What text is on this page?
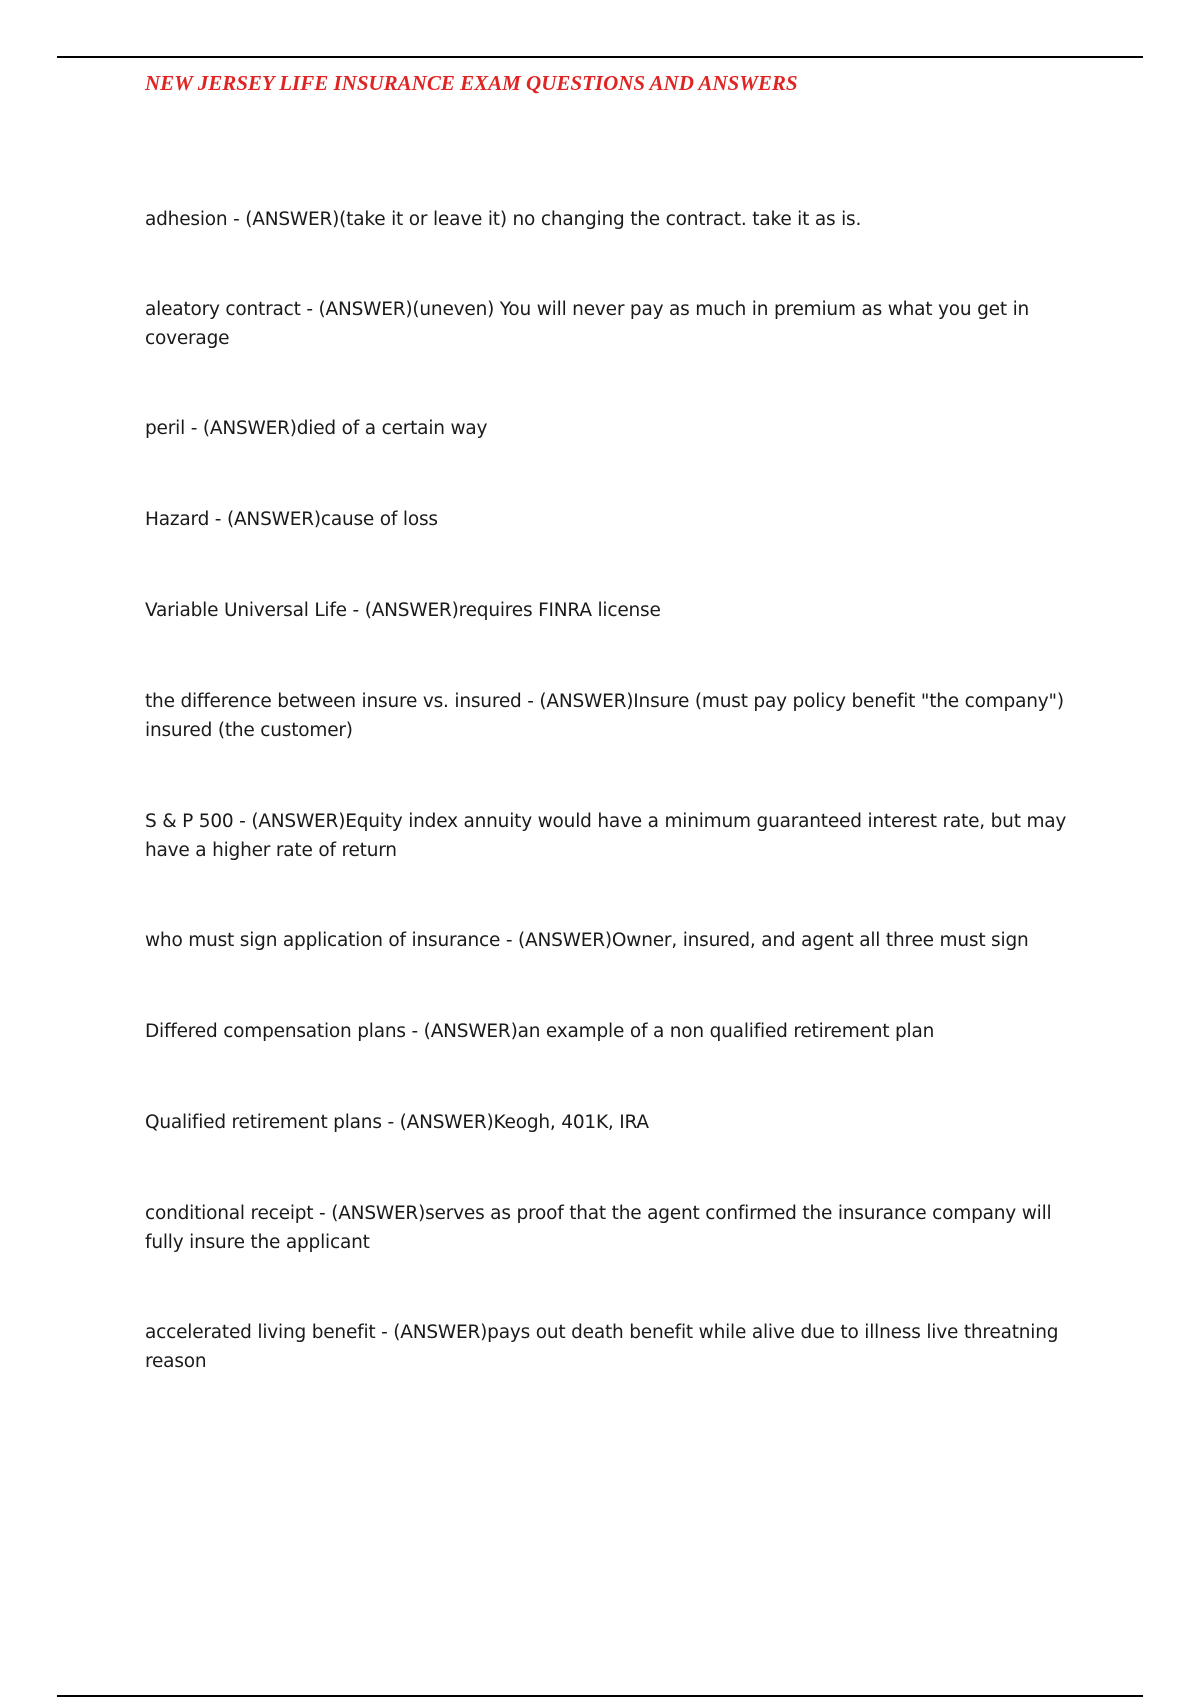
NEW JERSEY LIFE INSURANCE EXAM QUESTIONS AND ANSWERS
adhesion - (ANSWER)(take it or leave it) no changing the contract. take it as is.
aleatory contract - (ANSWER)(uneven) You will never pay as much in premium as what you get in coverage
peril - (ANSWER)died of a certain way
Hazard - (ANSWER)cause of loss
Variable Universal Life - (ANSWER)requires FINRA license
the difference between insure vs. insured - (ANSWER)Insure (must pay policy benefit "the company") insured (the customer)
S & P 500 - (ANSWER)Equity index annuity would have a minimum guaranteed interest rate, but may have a higher rate of return
who must sign application of insurance - (ANSWER)Owner, insured, and agent all three must sign
Differed compensation plans - (ANSWER)an example of a non qualified retirement plan
Qualified retirement plans - (ANSWER)Keogh, 401K, IRA
conditional receipt - (ANSWER)serves as proof that the agent confirmed the insurance company will fully insure the applicant
accelerated living benefit - (ANSWER)pays out death benefit while alive due to illness live threatning reason
